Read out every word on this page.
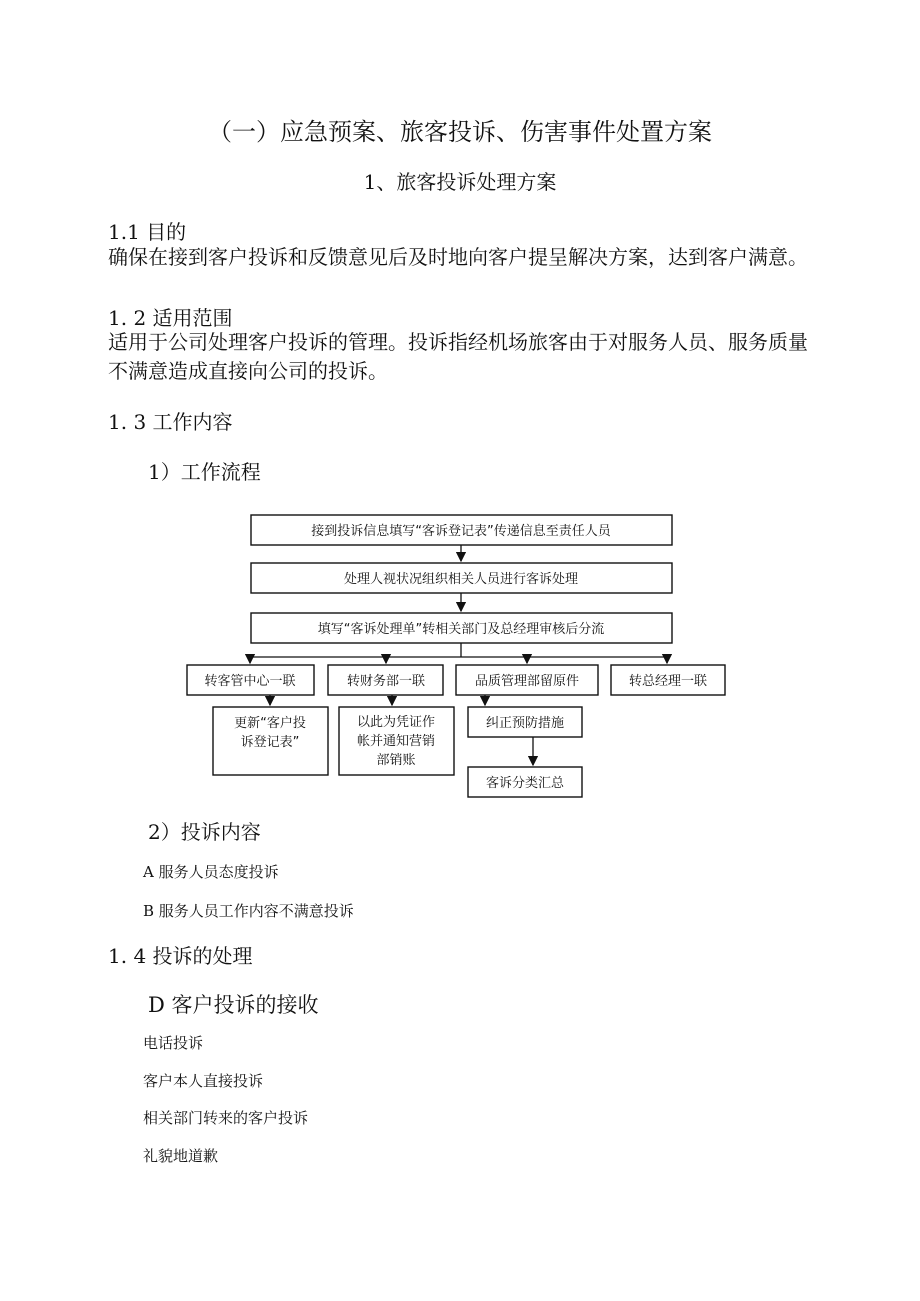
（一）应急预案、旅客投诉、伤害事件处置方案
1、旅客投诉处理方案
1.1 目的
确保在接到客户投诉和反馈意见后及时地向客户提呈解决方案，达到客户满意。
1. 2 适用范围
适用于公司处理客户投诉的管理。投诉指经机场旅客由于对服务人员、服务质量不满意造成直接向公司的投诉。
1. 3 工作内容
1）工作流程
接到投诉信息填写“客诉登记表”传递信息至责任人员
处理人视状况组织相关人员进行客诉处理
填写“客诉处理单”转相关部门及总经理审核后分流
转客管中心一联	转财务部一联	品质管理部留原件	转总经理一联
更新“客户投
诉登记表”
以此为凭证作
帐并通知营销
部销账
纠正预防措施
客诉分类汇总
2）投诉内容
A 服务人员态度投诉
B 服务人员工作内容不满意投诉
1. 4 投诉的处理
D 客户投诉的接收
电话投诉
客户本人直接投诉
相关部门转来的客户投诉
礼貌地道歉
